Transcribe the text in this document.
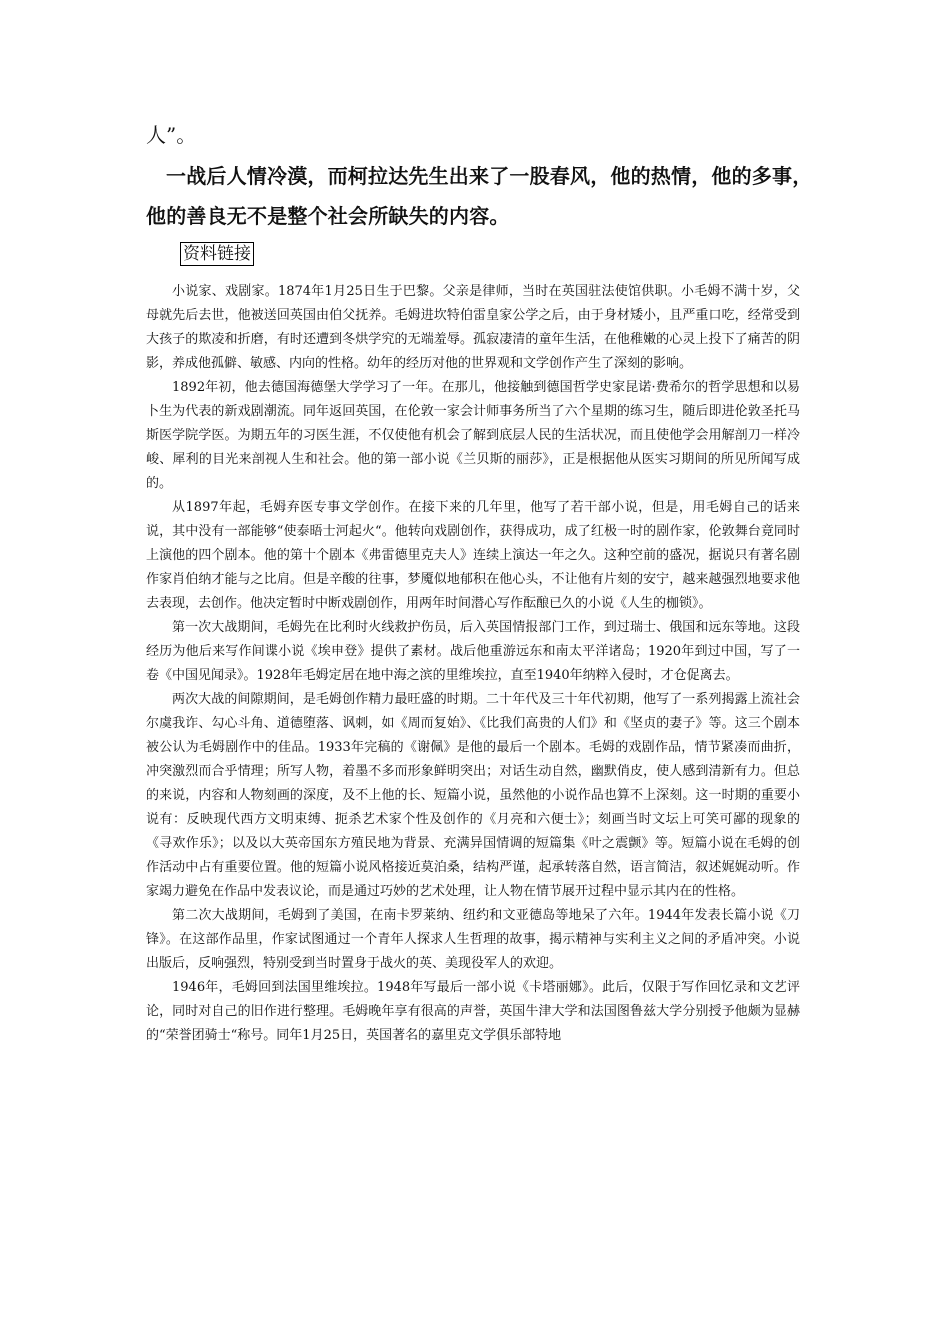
人”。
一战后人情冷漠，而柯拉达先生出来了一股春风，他的热情，他的多事，他的善良无不是整个社会所缺失的内容。
资料链接

小说家、戏剧家。1874年1月25日生于巴黎。父亲是律师，当时在英国驻法使馆供职。小毛姆不满十岁，父母就先后去世，他被送回英国由伯父抚养。毛姆进坎特伯雷皇家公学之后，由于身材矮小，且严重口吃，经常受到大孩子的欺凌和折磨，有时还遭到冬烘学究的无端羞辱。孤寂凄清的童年生活，在他稚嫩的心灵上投下了痛苦的阴影，养成他孤僻、敏感、内向的性格。幼年的经历对他的世界观和文学创作产生了深刻的影响。

1892年初，他去德国海德堡大学学习了一年。在那儿，他接触到德国哲学史家昆诺·费希尔的哲学思想和以易卜生为代表的新戏剧潮流。同年返回英国，在伦敦一家会计师事务所当了六个星期的练习生，随后即进伦敦圣托马斯医学院学医。为期五年的习医生涯，不仅使他有机会了解到底层人民的生活状况，而且使他学会用解剖刀一样冷峻、犀利的目光来剖视人生和社会。他的第一部小说《兰贝斯的丽莎》，正是根据他从医实习期间的所见所闻写成的。

从1897年起，毛姆弃医专事文学创作。在接下来的几年里，他写了若干部小说，但是，用毛姆自己的话来说，其中没有一部能够“使泰晤士河起火“。他转向戏剧创作，获得成功，成了红极一时的剧作家，伦敦舞台竟同时上演他的四个剧本。他的第十个剧本《弗雷德里克夫人》连续上演达一年之久。这种空前的盛况，据说只有著名剧作家肖伯纳才能与之比肩。但是辛酸的往事，梦魇似地郁积在他心头，不让他有片刻的安宁，越来越强烈地要求他去表现，去创作。他决定暂时中断戏剧创作，用两年时间潜心写作酝酿已久的小说《人生的枷锁》。

第一次大战期间，毛姆先在比利时火线救护伤员，后入英国情报部门工作，到过瑞士、俄国和远东等地。这段经历为他后来写作间谍小说《埃申登》提供了素材。战后他重游远东和南太平洋诸岛；1920年到过中国，写了一卷《中国见闻录》。1928年毛姆定居在地中海之滨的里维埃拉，直至1940年纳粹入侵时，才仓促离去。

两次大战的间隙期间，是毛姆创作精力最旺盛的时期。二十年代及三十年代初期，他写了一系列揭露上流社会尔虞我诈、勾心斗角、道德堕落、讽刺，如《周而复始》、《比我们高贵的人们》和《坚贞的妻子》等。这三个剧本被公认为毛姆剧作中的佳品。1933年完稿的《谢佩》是他的最后一个剧本。毛姆的戏剧作品，情节紧凑而曲折，冲突激烈而合乎情理；所写人物，着墨不多而形象鲜明突出；对话生动自然，幽默俏皮，使人感到清新有力。但总的来说，内容和人物刻画的深度，及不上他的长、短篇小说，虽然他的小说作品也算不上深刻。这一时期的重要小说有：反映现代西方文明束缚、扼杀艺术家个性及创作的《月亮和六便士》；刻画当时文坛上可笑可鄙的现象的《寻欢作乐》；以及以大英帝国东方殖民地为背景、充满异国情调的短篇集《叶之震颤》等。短篇小说在毛姆的创作活动中占有重要位置。他的短篇小说风格接近莫泊桑，结构严谨，起承转落自然，语言简洁，叙述娓娓动听。作家竭力避免在作品中发表议论，而是通过巧妙的艺术处理，让人物在情节展开过程中显示其内在的性格。

第二次大战期间，毛姆到了美国，在南卡罗莱纳、纽约和文亚德岛等地呆了六年。1944年发表长篇小说《刀锋》。在这部作品里，作家试图通过一个青年人探求人生哲理的故事，揭示精神与实利主义之间的矛盾冲突。小说出版后，反响强烈，特别受到当时置身于战火的英、美现役军人的欢迎。

1946年，毛姆回到法国里维埃拉。1948年写最后一部小说《卡塔丽娜》。此后，仅限于写作回忆录和文艺评论，同时对自己的旧作进行整理。毛姆晚年享有很高的声誉，英国牛津大学和法国图鲁兹大学分别授予他颇为显赫的“荣誉团骑士“称号。同年1月25日，英国著名的嘉里克文学俱乐部特地
